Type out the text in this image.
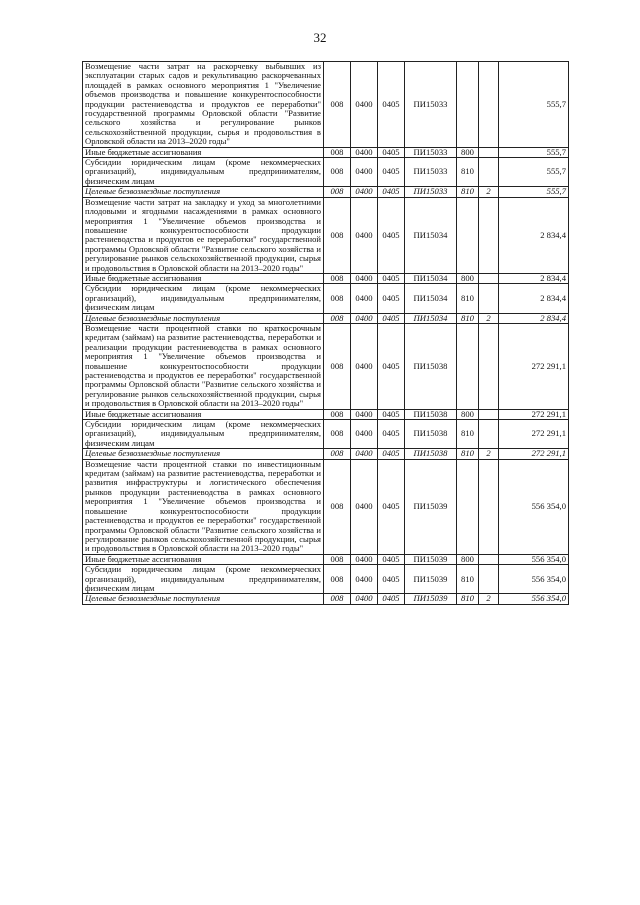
32
Возмещение части затрат на раскорчевку выбывших из эксплуатации старых садов и рекультивацию раскорчеванных площадей в рамках основного мероприятия 1 "Увеличение объемов производства и повышение конкурентоспособности продукции растениеводства и продуктов ее переработки" государственной программы Орловской области "Развитие сельского хозяйства и регулирование рынков сельскохозяйственной продукции, сырья и продовольствия в Орловской области на 2013–2020 годы"	008	0400	0405	ПИ15033			555,7
Иные бюджетные ассигнования	008	0400	0405	ПИ15033	800		555,7
Субсидии юридическим лицам (кроме некоммерческих организаций), индивидуальным предпринимателям, физическим лицам	008	0400	0405	ПИ15033	810		555,7
Целевые безвозмездные поступления	008	0400	0405	ПИ15033	810	2	555,7
Возмещение части затрат на закладку и уход за многолетними плодовыми и ягодными насаждениями в рамках основного мероприятия 1 "Увеличение объемов производства и повышение конкурентоспособности продукции растениеводства и продуктов ее переработки" государственной программы Орловской области "Развитие сельского хозяйства и регулирование рынков сельскохозяйственной продукции, сырья и продовольствия в Орловской области на 2013–2020 годы"	008	0400	0405	ПИ15034			2 834,4
Иные бюджетные ассигнования	008	0400	0405	ПИ15034	800		2 834,4
Субсидии юридическим лицам (кроме некоммерческих организаций), индивидуальным предпринимателям, физическим лицам	008	0400	0405	ПИ15034	810		2 834,4
Целевые безвозмездные поступления	008	0400	0405	ПИ15034	810	2	2 834,4
Возмещение части процентной ставки по краткосрочным кредитам (займам) на развитие растениеводства, переработки и реализации продукции растениеводства в рамках основного мероприятия 1 "Увеличение объемов производства и повышение конкурентоспособности продукции растениеводства и продуктов ее переработки" государственной программы Орловской области "Развитие сельского хозяйства и регулирование рынков сельскохозяйственной продукции, сырья и продовольствия в Орловской области на 2013–2020 годы"	008	0400	0405	ПИ15038			272 291,1
Иные бюджетные ассигнования	008	0400	0405	ПИ15038	800		272 291,1
Субсидии юридическим лицам (кроме некоммерческих организаций), индивидуальным предпринимателям, физическим лицам	008	0400	0405	ПИ15038	810		272 291,1
Целевые безвозмездные поступления	008	0400	0405	ПИ15038	810	2	272 291,1
Возмещение части процентной ставки по инвестиционным кредитам (займам) на развитие растениеводства, переработки и развития инфраструктуры и логистического обеспечения рынков продукции растениеводства в рамках основного мероприятия 1 "Увеличение объемов производства и повышение конкурентоспособности продукции растениеводства и продуктов ее переработки" государственной программы Орловской области "Развитие сельского хозяйства и регулирование рынков сельскохозяйственной продукции, сырья и продовольствия в Орловской области на 2013–2020 годы"	008	0400	0405	ПИ15039			556 354,0
Иные бюджетные ассигнования	008	0400	0405	ПИ15039	800		556 354,0
Субсидии юридическим лицам (кроме некоммерческих организаций), индивидуальным предпринимателям, физическим лицам	008	0400	0405	ПИ15039	810		556 354,0
Целевые безвозмездные поступления	008	0400	0405	ПИ15039	810	2	556 354,0
